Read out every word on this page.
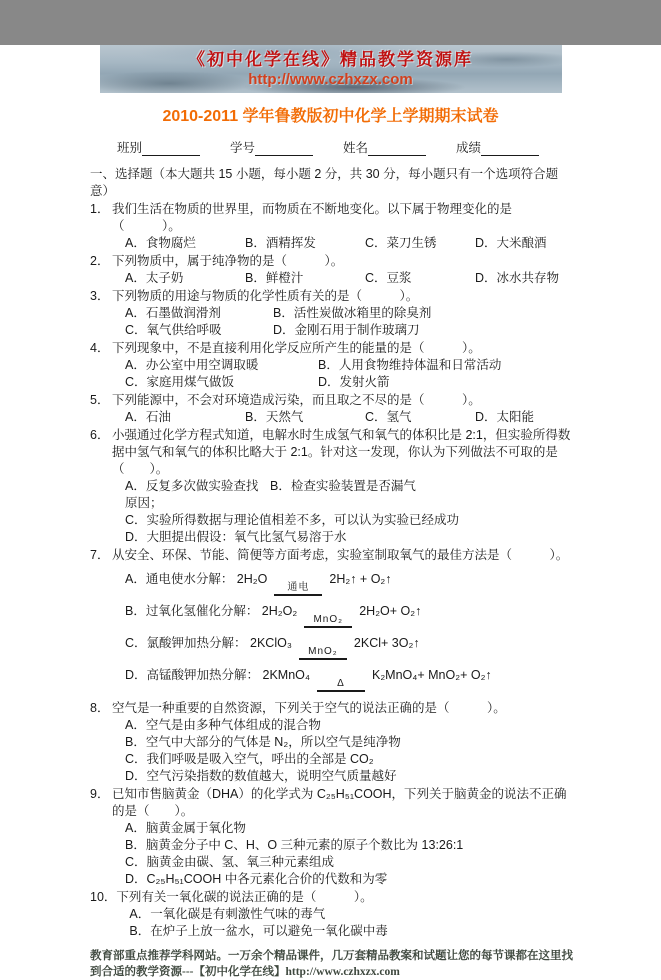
《初中化学在线》精品教学资源库
http://www.czhxzx.com
2010-2011 学年鲁教版初中化学上学期期末试卷
班别	学号	姓名	成绩
一、选择题（本大题共 15 小题，每小题 2 分，共 30 分，每小题只有一个选项符合题意）
1． 我们生活在物质的世界里，而物质在不断地变化。以下属于物理变化的是（　　　）。
A．食物腐烂	B．酒精挥发	C．菜刀生锈	D．大米酿酒
2． 下列物质中，属于纯净物的是（　　　）。
A．太子奶	B．鲜橙汁	C．豆浆	D．冰水共存物
3． 下列物质的用途与物质的化学性质有关的是（　　　）。
A．石墨做润滑剂	B．活性炭做冰箱里的除臭剂
C．氧气供给呼吸	D．金刚石用于制作玻璃刀
4． 下列现象中，不是直接利用化学反应所产生的能量的是（　　　）。
A．办公室中用空调取暖	B．人用食物维持体温和日常活动
C．家庭用煤气做饭	D．发射火箭
5． 下列能源中，不会对环境造成污染，而且取之不尽的是（　　　）。
A．石油	B．天然气	C．氢气	D．太阳能
6． 小强通过化学方程式知道，电解水时生成氢气和氧气的体积比是 2:1，但实验所得数据中氢气和氧气的体积比略大于 2:1。针对这一发现，你认为下列做法不可取的是（　　）。
A．反复多次做实验查找原因；
B．检查实验装置是否漏气
C．实验所得数据与理论值相差不多，可以认为实验已经成功
D．大胆提出假设：氧气比氢气易溶于水
7． 从安全、环保、节能、简便等方面考虑，实验室制取氧气的最佳方法是（　　　）。
A．通电使水分解： 2H₂O
通电
2H₂↑ + O₂↑
B．过氧化氢催化分解： 2H₂O₂
MnO₂
2H₂O+ O₂↑
C．氯酸钾加热分解： 2KClO₃
MnO₂
2KCl+ 3O₂↑
D．高锰酸钾加热分解： 2KMnO₄
Δ
K₂MnO₄+ MnO₂+ O₂↑
8． 空气是一种重要的自然资源，下列关于空气的说法正确的是（　　　）。
A．空气是由多种气体组成的混合物
B．空气中大部分的气体是 N₂，所以空气是纯净物
C．我们呼吸是吸入空气，呼出的全部是 CO₂
D．空气污染指数的数值越大，说明空气质量越好
9． 已知市售脑黄金（DHA）的化学式为 C₂₅H₅₁COOH，下列关于脑黄金的说法不正确的是（　　）。
A．脑黄金属于氧化物
B．脑黄金分子中 C、H、O 三种元素的原子个数比为 13:26:1
C．脑黄金由碳、氢、氧三种元素组成
D．C₂₅H₅₁COOH 中各元素化合价的代数和为零
10． 下列有关一氧化碳的说法正确的是（　　　）。
A．一氧化碳是有刺激性气味的毒气
B．在炉子上放一盆水，可以避免一氧化碳中毒
教育部重点推荐学科网站。一万余个精品课件，几万套精品教案和试题让您的每节课都在这里找到合适的教学资源---【初中化学在线】http://www.czhxzx.com
